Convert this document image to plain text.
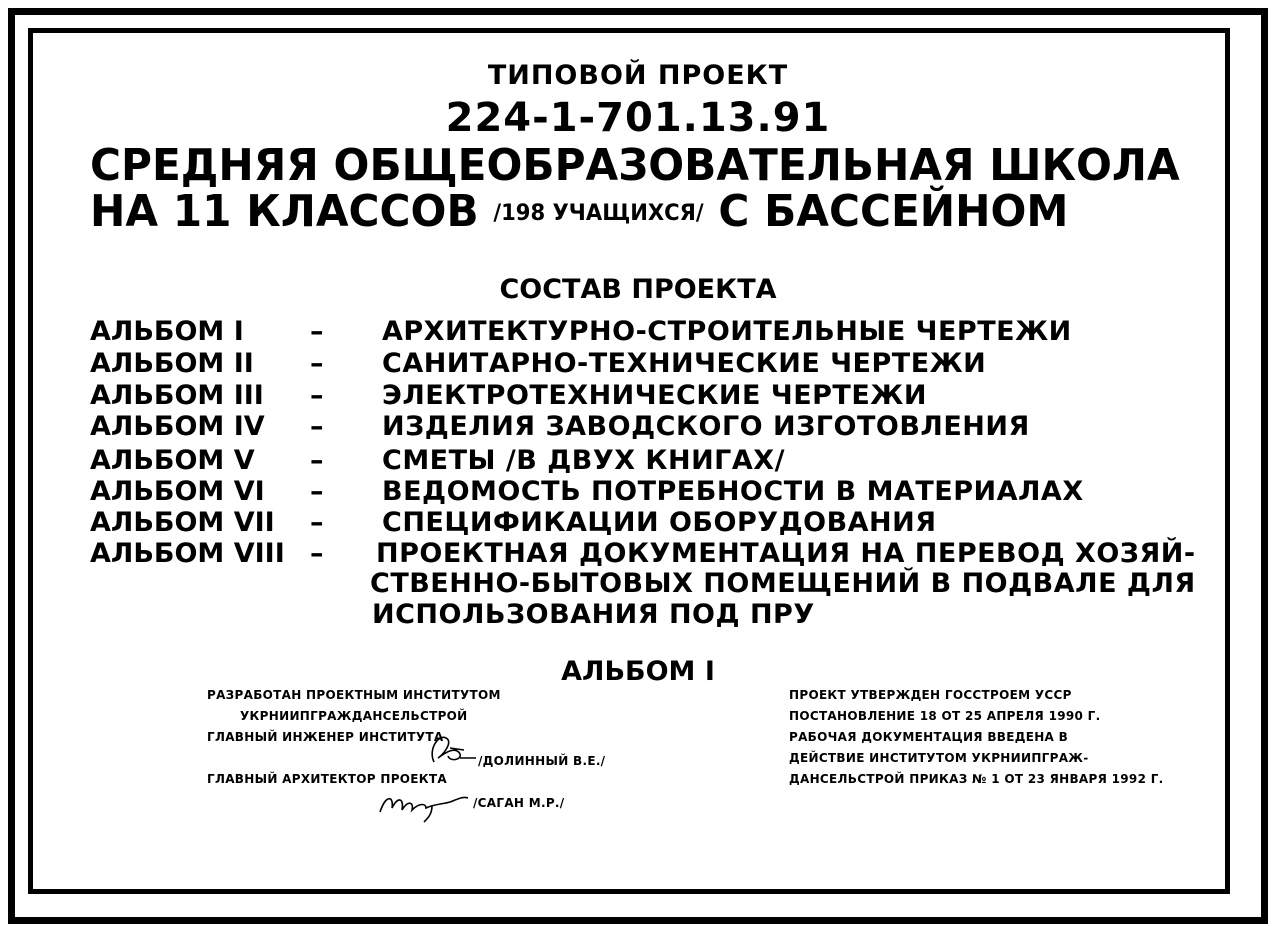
ТИПОВОЙ ПРОЕКТ
224-1-701.13.91
СРЕДНЯЯ ОБЩЕОБРАЗОВАТЕЛЬНАЯ ШКОЛА
НА 11 КЛАССОВ /198 УЧАЩИХСЯ/ С БАССЕЙНОМ
СОСТАВ ПРОЕКТА
АЛЬБОМ I – АРХИТЕКТУРНО-СТРОИТЕЛЬНЫЕ ЧЕРТЕЖИ
АЛЬБОМ II – САНИТАРНО-ТЕХНИЧЕСКИЕ ЧЕРТЕЖИ
АЛЬБОМ III – ЭЛЕКТРОТЕХНИЧЕСКИЕ ЧЕРТЕЖИ
АЛЬБОМ IV – ИЗДЕЛИЯ ЗАВОДСКОГО ИЗГОТОВЛЕНИЯ
АЛЬБОМ V – СМЕТЫ /В ДВУХ КНИГАХ/
АЛЬБОМ VI – ВЕДОМОСТЬ ПОТРЕБНОСТИ В МАТЕРИАЛАХ
АЛЬБОМ VII – СПЕЦИФИКАЦИИ ОБОРУДОВАНИЯ
АЛЬБОМ VIII – ПРОЕКТНАЯ ДОКУМЕНТАЦИЯ НА ПЕРЕВОД ХОЗЯЙ-
СТВЕННО-БЫТОВЫХ ПОМЕЩЕНИЙ В ПОДВАЛЕ ДЛЯ
ИСПОЛЬЗОВАНИЯ ПОД ПРУ
АЛЬБОМ I
РАЗРАБОТАН ПРОЕКТНЫМ ИНСТИТУТОМ
УКРНИИПГРАЖДАНСЕЛЬСТРОЙ
ГЛАВНЫЙ ИНЖЕНЕР ИНСТИТУТА
/ДОЛИННЫЙ В.Е./
ГЛАВНЫЙ АРХИТЕКТОР ПРОЕКТА
/САГАН М.Р./
ПРОЕКТ УТВЕРЖДЕН ГОССТРОЕМ УССР
ПОСТАНОВЛЕНИЕ 18 ОТ 25 АПРЕЛЯ 1990 Г.
РАБОЧАЯ ДОКУМЕНТАЦИЯ ВВЕДЕНА В
ДЕЙСТВИЕ ИНСТИТУТОМ УКРНИИПГРАЖ-
ДАНСЕЛЬСТРОЙ ПРИКАЗ № 1 ОТ 23 ЯНВАРЯ 1992 Г.
